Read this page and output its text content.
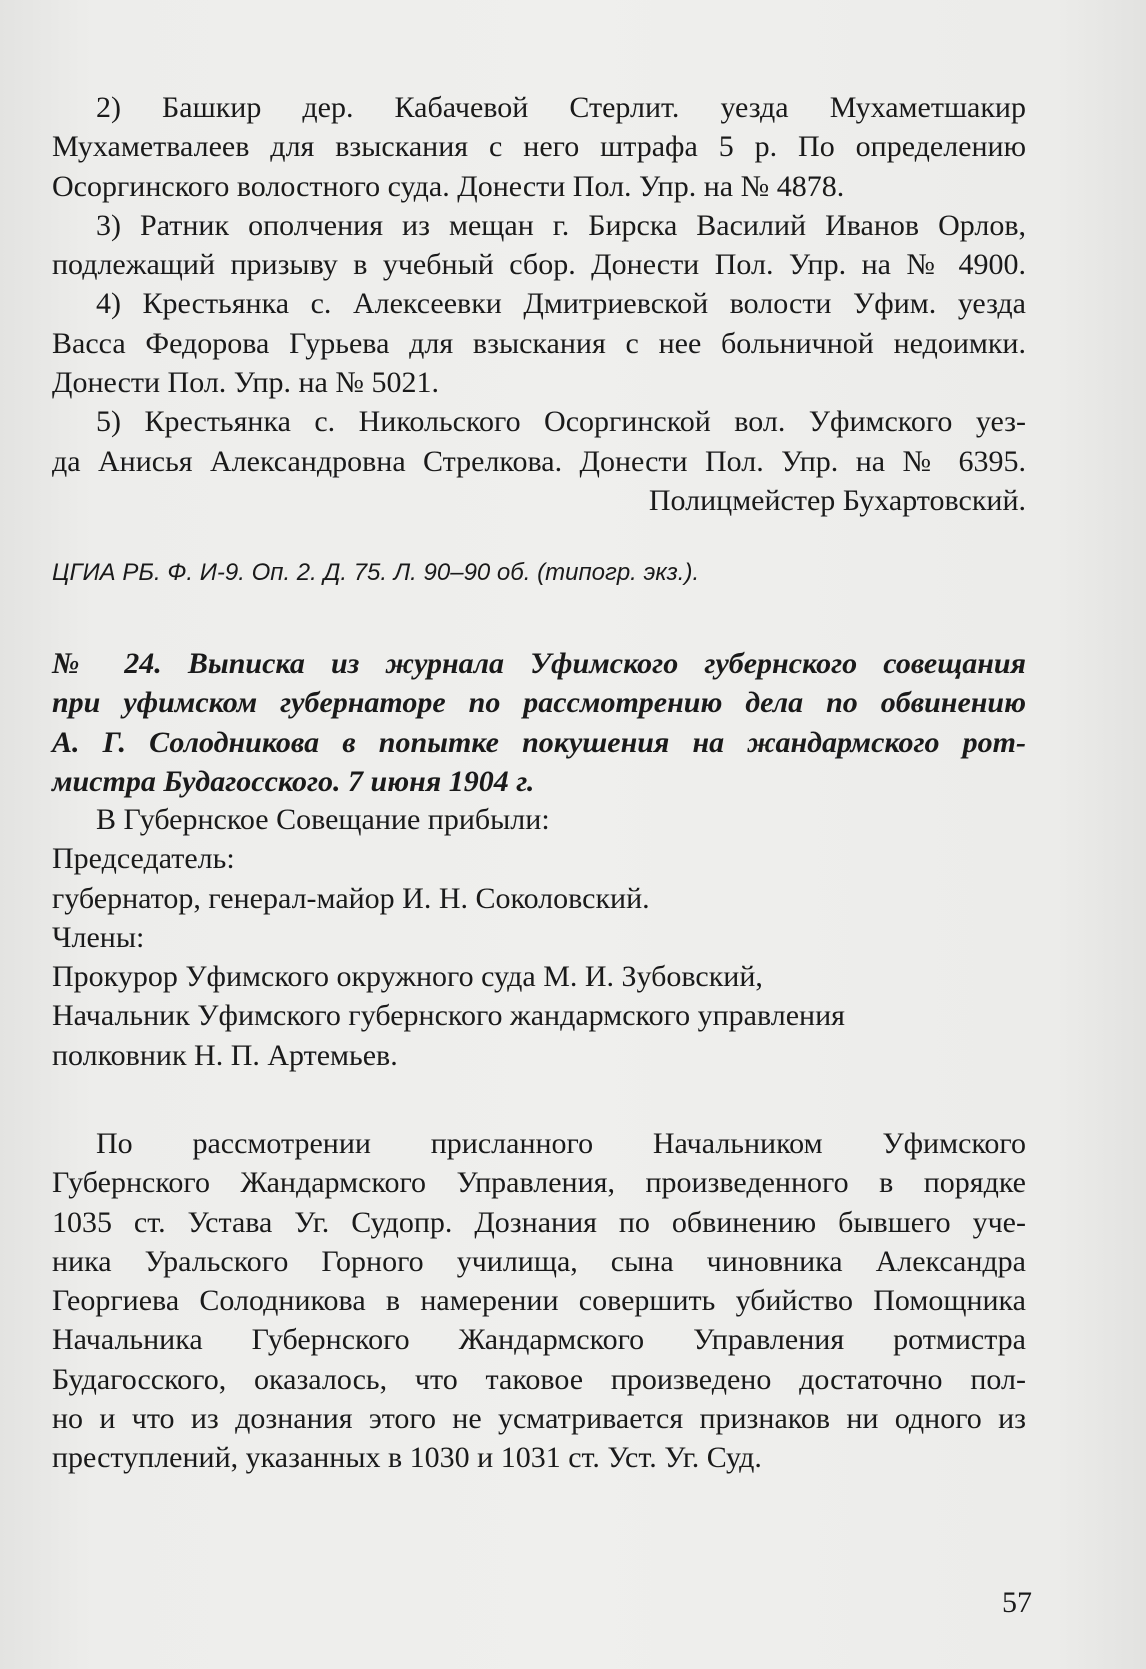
2) Башкир дер. Кабачевой Стерлит. уезда Мухаметшакир
Мухаметвалеев для взыскания с него штрафа 5 р. По определению
Осоргинского волостного суда. Донести Пол. Упр. на № 4878.
3) Ратник ополчения из мещан г. Бирска Василий Иванов Орлов,
подлежащий призыву в учебный сбор. Донести Пол. Упр. на № 4900.
4) Крестьянка с. Алексеевки Дмитриевской волости Уфим. уезда
Васса Федорова Гурьева для взыскания с нее больничной недоимки.
Донести Пол. Упр. на № 5021.
5) Крестьянка с. Никольского Осоргинской вол. Уфимского уез-
да Анисья Александровна Стрелкова. Донести Пол. Упр. на № 6395.

Полицмейстер Бухартовский.

ЦГИА РБ. Ф. И-9. Оп. 2. Д. 75. Л. 90–90 об. (типогр. экз.).
№ 24. Выписка из журнала Уфимского губернского совещания
при уфимском губернаторе по рассмотрению дела по обвинению
А. Г. Солодникова в попытке покушения на жандармского рот-
мистра Будагосского. 7 июня 1904 г.
В Губернское Совещание прибыли:
Председатель:
губернатор, генерал-майор И. Н. Соколовский.
Члены:
Прокурор Уфимского окружного суда М. И. Зубовский,
Начальник Уфимского губернского жандармского управления
полковник Н. П. Артемьев.
По рассмотрении присланного Начальником Уфимского
Губернского Жандармского Управления, произведенного в порядке
1035 ст. Устава Уг. Судопр. Дознания по обвинению бывшего уче-
ника Уральского Горного училища, сына чиновника Александра
Георгиева Солодникова в намерении совершить убийство Помощника
Начальника Губернского Жандармского Управления ротмистра
Будагосского, оказалось, что таковое произведено достаточно пол-
но и что из дознания этого не усматривается признаков ни одного из
преступлений, указанных в 1030 и 1031 ст. Уст. Уг. Суд.
57
